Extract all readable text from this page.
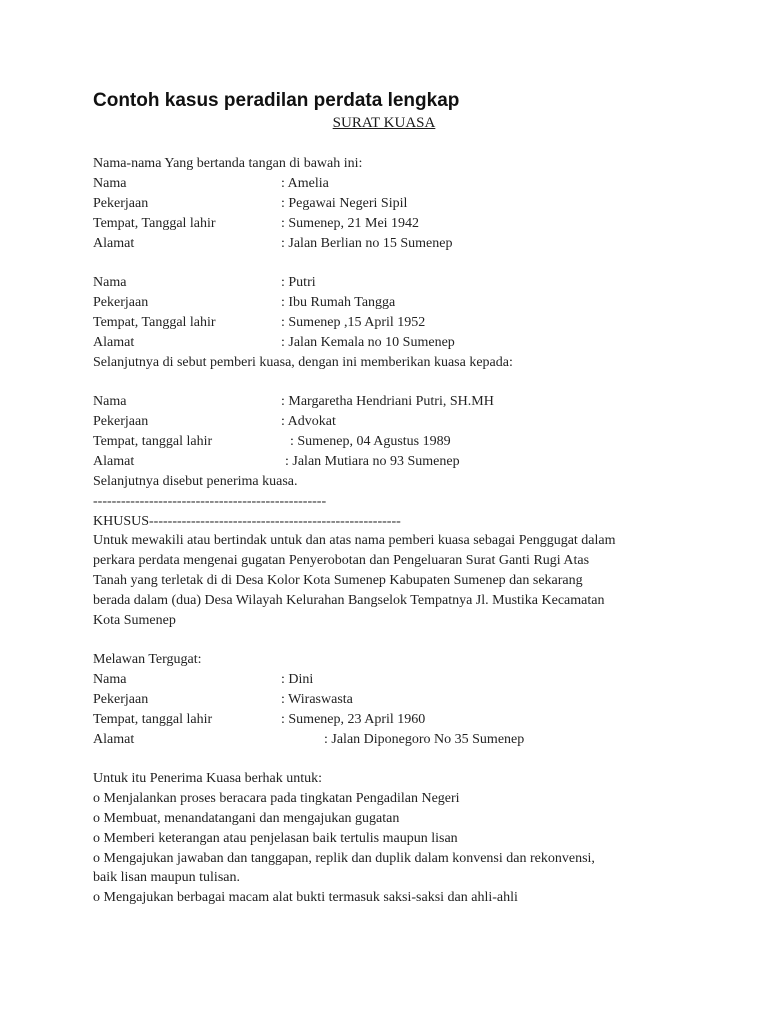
Contoh kasus peradilan perdata lengkap
SURAT KUASA
Nama-nama Yang bertanda tangan di bawah ini:
Nama	: Amelia
Pekerjaan	: Pegawai Negeri Sipil
Tempat, Tanggal lahir	: Sumenep, 21 Mei 1942
Alamat	: Jalan Berlian no 15 Sumenep
Nama	: Putri
Pekerjaan	: Ibu Rumah Tangga
Tempat, Tanggal lahir	: Sumenep ,15 April 1952
Alamat	: Jalan Kemala no 10 Sumenep
Selanjutnya di sebut pemberi kuasa, dengan ini memberikan kuasa kepada:
Nama	: Margaretha Hendriani Putri, SH.MH
Pekerjaan	: Advokat
Tempat, tanggal lahir	: Sumenep, 04 Agustus 1989
Alamat	: Jalan Mutiara no 93 Sumenep
Selanjutnya disebut penerima kuasa.
--------------------------------------------------
KHUSUS------------------------------------------------------
Untuk mewakili atau bertindak untuk dan atas nama pemberi kuasa sebagai Penggugat dalam
perkara perdata mengenai gugatan Penyerobotan dan Pengeluaran Surat Ganti Rugi Atas
Tanah yang terletak di di Desa Kolor Kota Sumenep Kabupaten Sumenep dan sekarang
berada dalam (dua) Desa Wilayah Kelurahan Bangselok Tempatnya Jl. Mustika Kecamatan
Kota Sumenep
Melawan Tergugat:
Nama	: Dini
Pekerjaan	: Wiraswasta
Tempat, tanggal lahir	: Sumenep, 23 April 1960
Alamat	: Jalan Diponegoro No 35 Sumenep
Untuk itu Penerima Kuasa berhak untuk:
o Menjalankan proses beracara pada tingkatan Pengadilan Negeri
o Membuat, menandatangani dan mengajukan gugatan
o Memberi keterangan atau penjelasan baik tertulis maupun lisan
o Mengajukan jawaban dan tanggapan, replik dan duplik dalam konvensi dan rekonvensi,
baik lisan maupun tulisan.
o Mengajukan berbagai macam alat bukti termasuk saksi-saksi dan ahli-ahli
